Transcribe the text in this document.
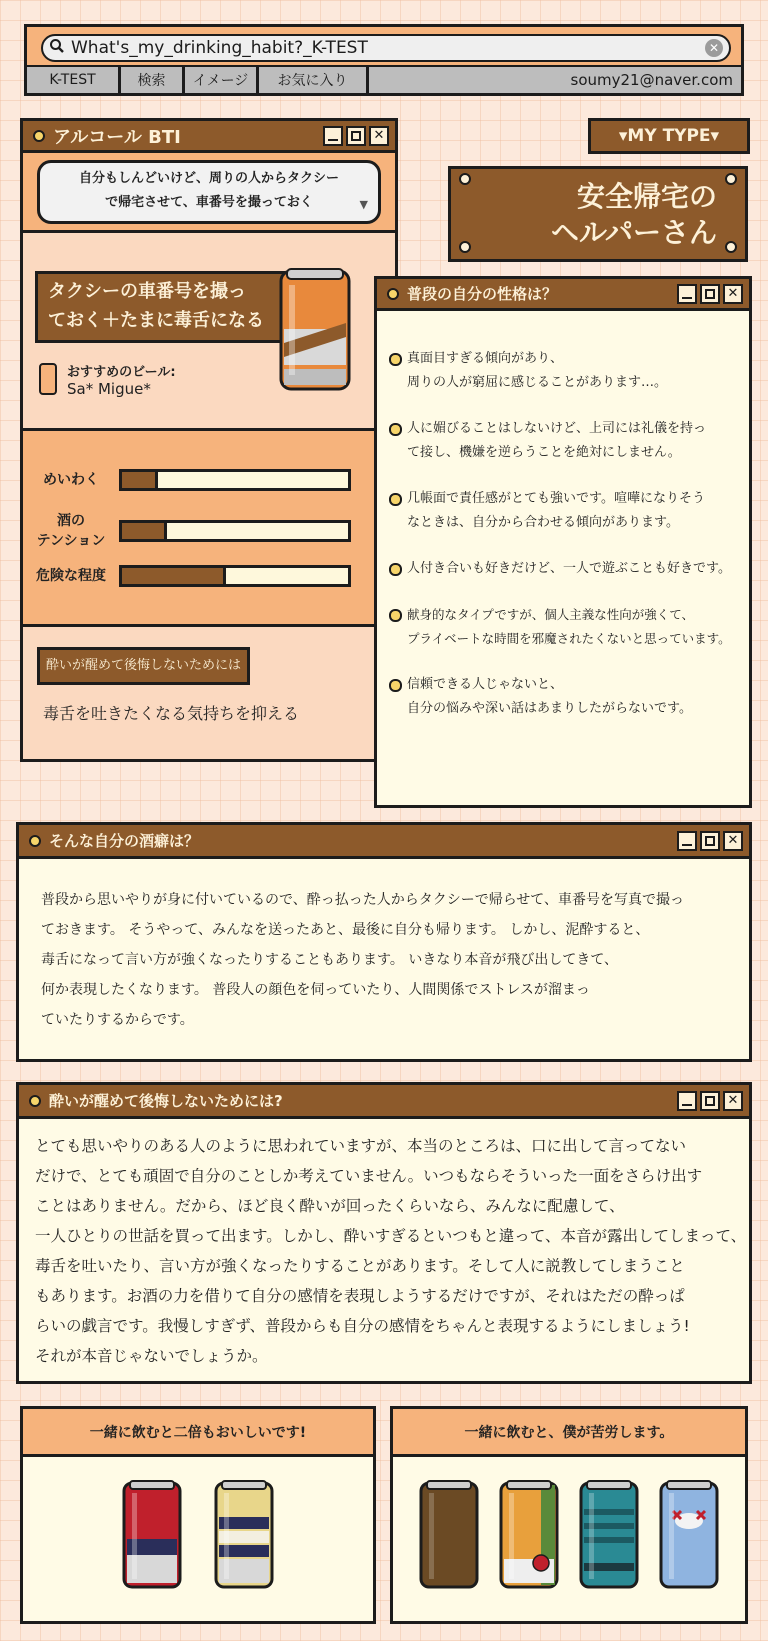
What's_my_drinking_habit?_K-TEST	✕
K-TEST	検索	イメージ	お気に入り	soumy21@naver.com
アルコール BTI	✕
自分もしんどいけど、周りの人からタクシー
で帰宅させて、車番号を撮っておく	▼
タクシーの車番号を撮っ
ておく＋たまに毒舌になる
おすすめのビール:
Sa* Migue*
めいわく
酒の
テンション
危険な程度
酔いが醒めて後悔しないためには
毒舌を吐きたくなる気持ちを抑える
▾MY TYPE▾
安全帰宅の
ヘルパーさん
普段の自分の性格は？	✕
真面目すぎる傾向があり、
周りの人が窮屈に感じることがあります…。
人に媚びることはしないけど、上司には礼儀を持っ
て接し、機嫌を逆らうことを絶対にしません。
几帳面で責任感がとても強いです。喧嘩になりそう
なときは、自分から合わせる傾向があります。
人付き合いも好きだけど、一人で遊ぶことも好きです。
献身的なタイプですが、個人主義な性向が強くて、
プライベートな時間を邪魔されたくないと思っています。
信頼できる人じゃないと、
自分の悩みや深い話はあまりしたがらないです。
そんな自分の酒癖は？	✕
普段から思いやりが身に付いているので、酔っ払った人からタクシーで帰らせて、車番号を写真で撮っ
ておきます。 そうやって、みんなを送ったあと、最後に自分も帰ります。 しかし、泥酔すると、
毒舌になって言い方が強くなったりすることもあります。 いきなり本音が飛び出してきて、
何か表現したくなります。 普段人の顔色を伺っていたり、人間関係でストレスが溜まっ
ていたりするからです。
酔いが醒めて後悔しないためには?	✕
とても思いやりのある人のように思われていますが、本当のところは、口に出して言ってない
だけで、とても頑固で自分のことしか考えていません。いつもならそういった一面をさらけ出す
ことはありません。だから、ほど良く酔いが回ったくらいなら、みんなに配慮して、
一人ひとりの世話を買って出ます。しかし、酔いすぎるといつもと違って、本音が露出してしまって、
毒舌を吐いたり、言い方が強くなったりすることがあります。そして人に説教してしまうこと
もあります。お酒の力を借りて自分の感情を表現しようするだけですが、それはただの酔っぱ
らいの戯言です。我慢しすぎず、普段からも自分の感情をちゃんと表現するようにしましょう!
それが本音じゃないでしょうか。
一緒に飲むと二倍もおいしいです!	一緒に飲むと、僕が苦労します。
